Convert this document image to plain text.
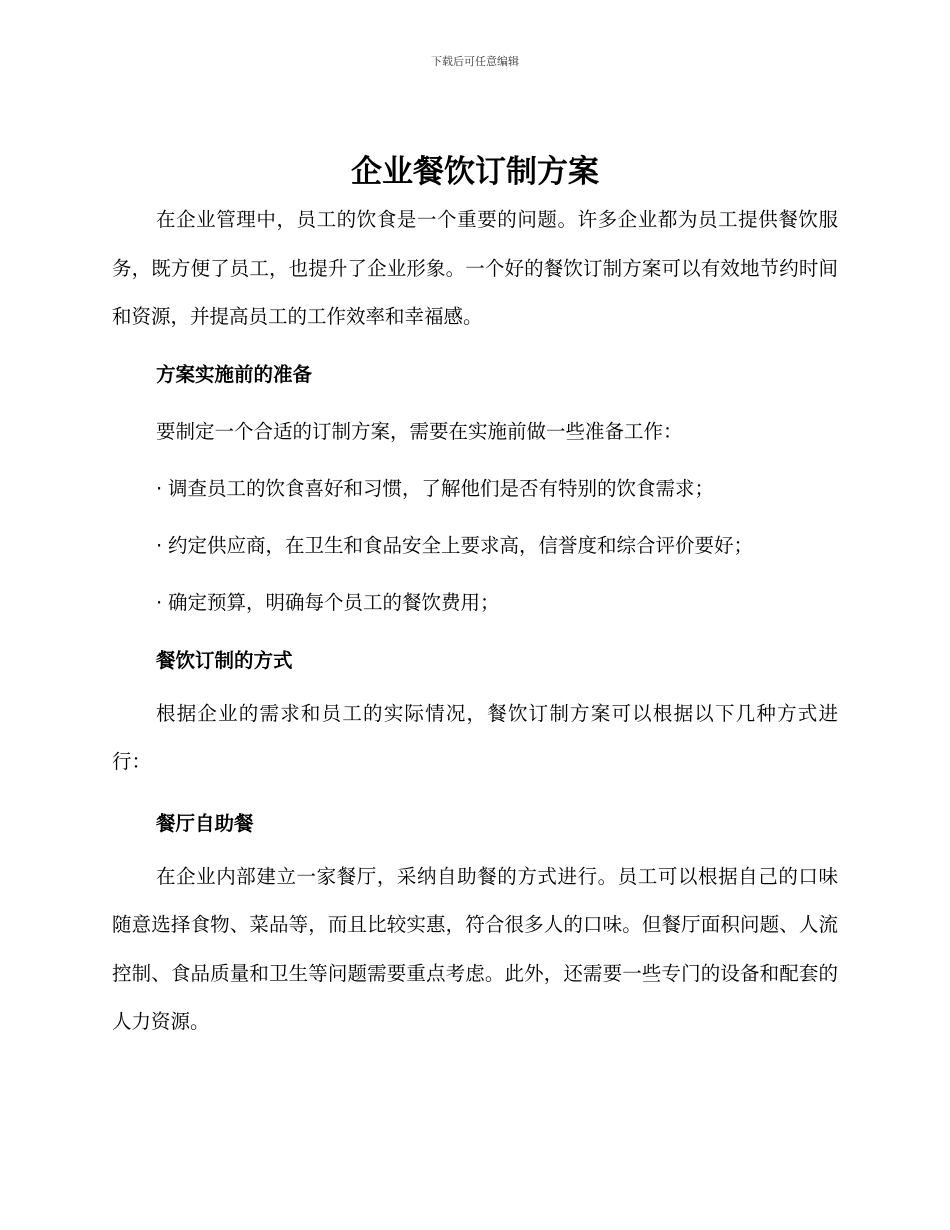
下载后可任意编辑
企业餐饮订制方案

在企业管理中，员工的饮食是一个重要的问题。许多企业都为员工提供餐饮服务，既方便了员工，也提升了企业形象。一个好的餐饮订制方案可以有效地节约时间和资源，并提高员工的工作效率和幸福感。

方案实施前的准备

要制定一个合适的订制方案，需要在实施前做一些准备工作：

· 调查员工的饮食喜好和习惯，了解他们是否有特别的饮食需求；

· 约定供应商，在卫生和食品安全上要求高，信誉度和综合评价要好；

· 确定预算，明确每个员工的餐饮费用；

餐饮订制的方式

根据企业的需求和员工的实际情况，餐饮订制方案可以根据以下几种方式进行：

餐厅自助餐

在企业内部建立一家餐厅，采纳自助餐的方式进行。员工可以根据自己的口味随意选择食物、菜品等，而且比较实惠，符合很多人的口味。但餐厅面积问题、人流控制、食品质量和卫生等问题需要重点考虑。此外，还需要一些专门的设备和配套的人力资源。
